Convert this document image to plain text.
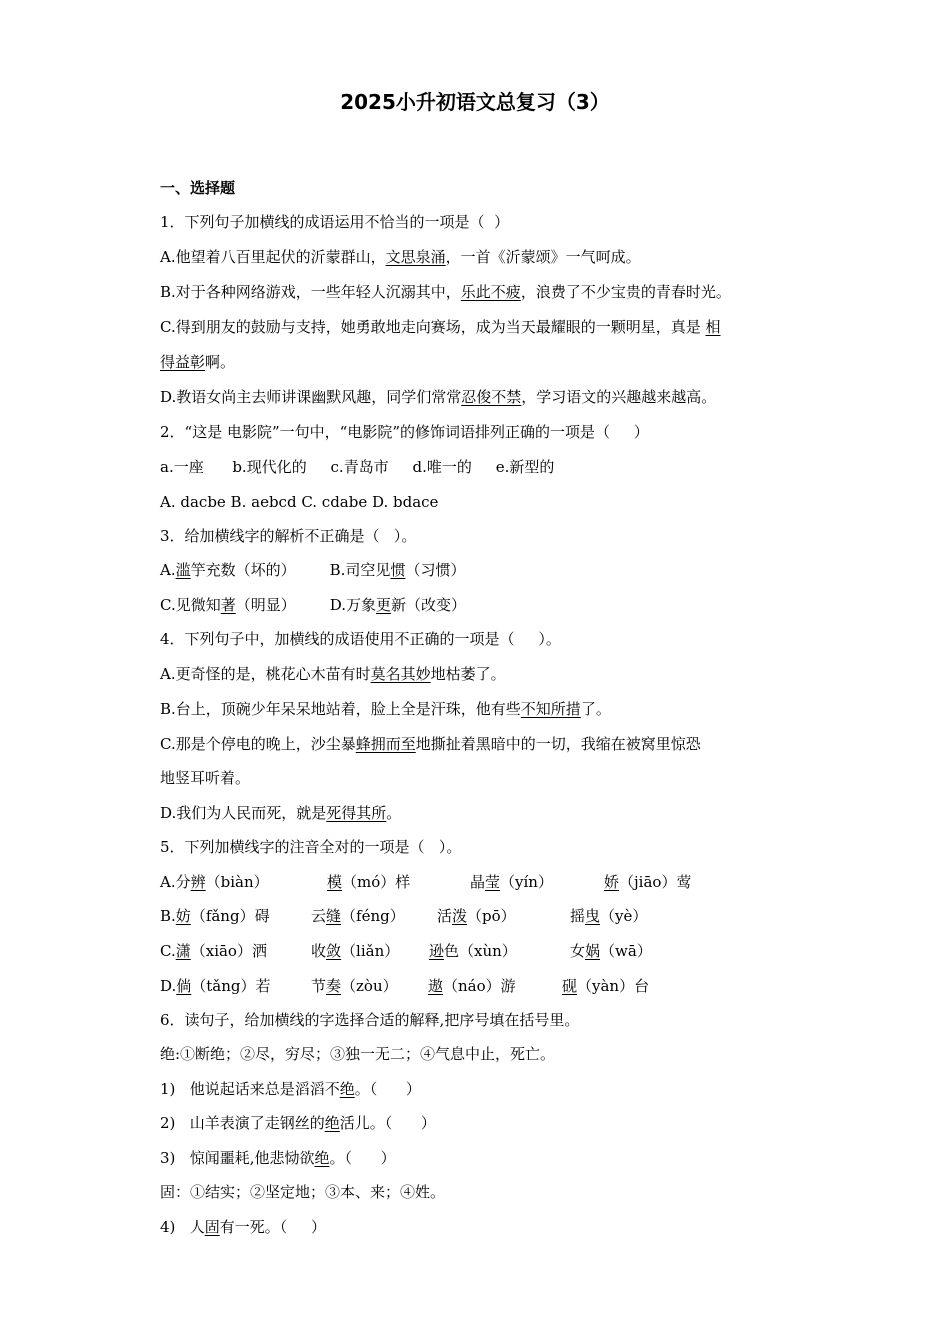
2025小升初语文总复习（3）
一、选择题

1．下列句子加横线的成语运用不恰当的一项是（  ）

A.他望着八百里起伏的沂蒙群山，文思泉涌，一首《沂蒙颂》一气呵成。

B.对于各种网络游戏，一些年轻人沉溺其中，乐此不疲，浪费了不少宝贵的青春时光。

C.得到朋友的鼓励与支持，她勇敢地走向赛场，成为当天最耀眼的一颗明星，真是 相

得益彰啊。

D.教语女尚主去师讲课幽默风趣，同学们常常忍俊不禁，学习语文的兴趣越来越高。

2．“这是 电影院”一句中，“电影院”的修饰词语排列正确的一项是（     ）

a.一座      b.现代化的     c.青岛市     d.唯一的     e.新型的

A. dacbe B. aebcd C. cdabe D. bdace

3．给加横线字的解析不正确是（   ）。

A.滥竽充数（坏的） B.司空见惯（习惯）

C.见微知著（明显） D.万象更新（改变）

4．下列句子中，加横线的成语使用不正确的一项是（     ）。

A.更奇怪的是，桃花心木苗有时莫名其妙地枯萎了。

B.台上，顶碗少年呆呆地站着，脸上全是汗珠，他有些不知所措了。

C.那是个停电的晚上，沙尘暴蜂拥而至地撕扯着黑暗中的一切，我缩在被窝里惊恐

地竖耳听着。

D.我们为人民而死，就是死得其所。

5．下列加横线字的注音全对的一项是（   ）。

A.分辨（biàn）	模（mó）样	晶莹（yín）	娇（jiāo）莺

B.妨（fǎng）碍	云缝（féng） 活泼（pō）	摇曳（yè）

C.潇（xiāo）洒	收敛（liǎn） 逊色（xùn）	女娲（wā）

D.倘（tǎng）若	节奏（zòu） 遨（náo）游	砚（yàn）台

6．读句子，给加横线的字选择合适的解释,把序号填在括号里。

绝:①断绝；②尽，穷尽；③独一无二；④气息中止，死亡。

1)   他说起话来总是滔滔不绝。（      ）

2)   山羊表演了走钢丝的绝活儿。（      ）

3)   惊闻噩耗,他悲恸欲绝。（      ）

固：①结实；②坚定地；③本、来；④姓。

4)   人固有一死。（     ）
